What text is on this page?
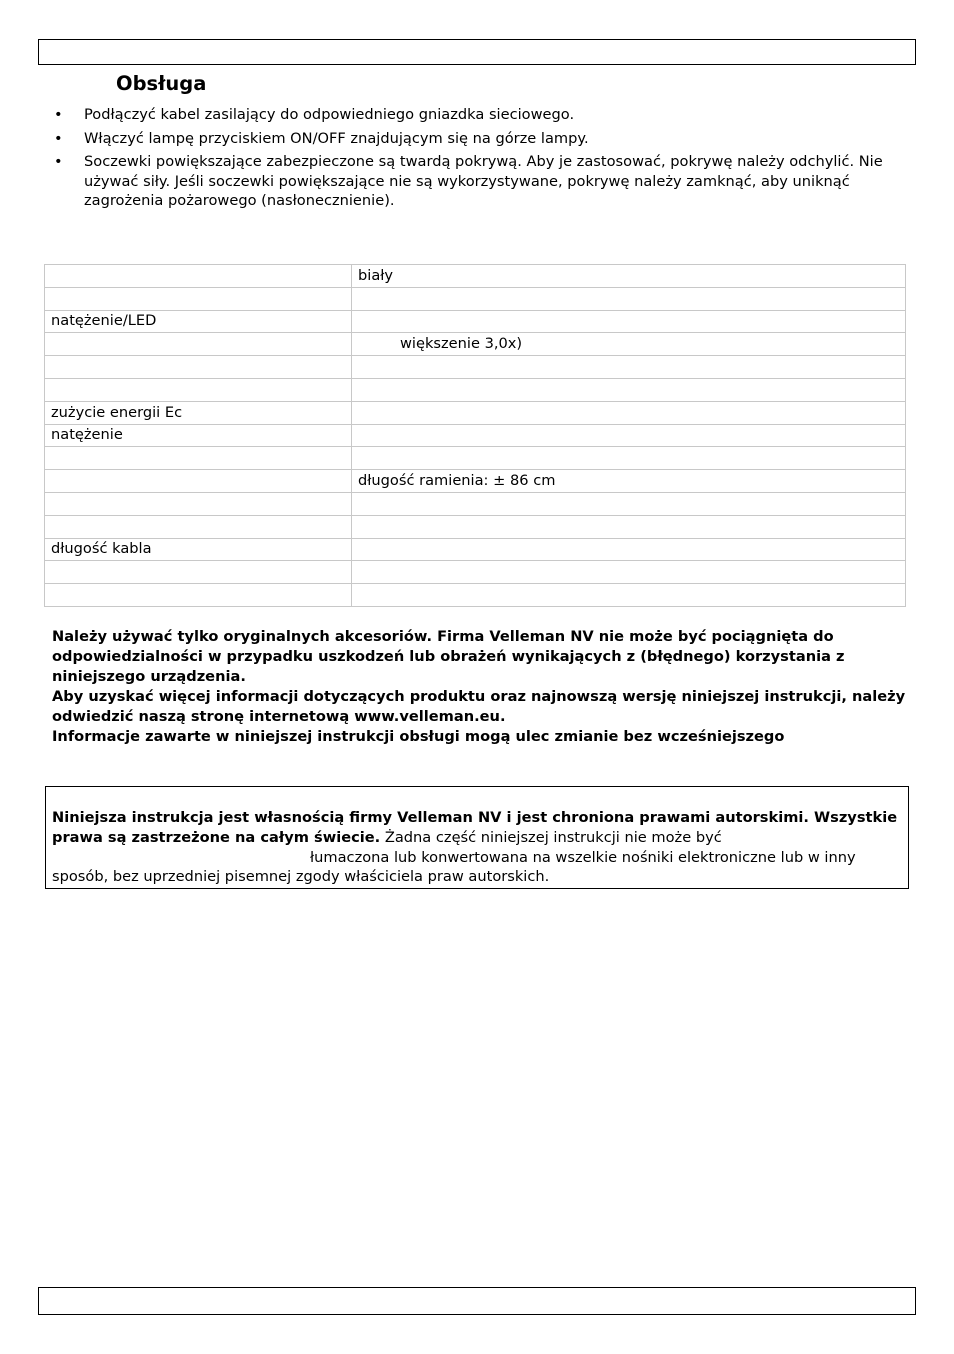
Obsługa
• Podłączyć kabel zasilający do odpowiedniego gniazdka sieciowego.
• Włączyć lampę przyciskiem ON/OFF znajdującym się na górze lampy.
• Soczewki powiększające zabezpieczone są twardą pokrywą. Aby je zastosować, pokrywę należy odchylić. Nie używać siły. Jeśli soczewki powiększające nie są wykorzystywane, pokrywę należy zamknąć, aby uniknąć zagrożenia pożarowego (nasłonecznienie).
	biały

natężenie/LED	
	większenie 3,0x)

zużycie energii Ec	
natężenie	

	długość ramienia: ± 86 cm

długość kabla	

Należy używać tylko oryginalnych akcesoriów. Firma Velleman NV nie może być pociągnięta do odpowiedzialności w przypadku uszkodzeń lub obrażeń wynikających z (błędnego) korzystania z niniejszego urządzenia.

Aby uzyskać więcej informacji dotyczących produktu oraz najnowszą wersję niniejszej instrukcji, należy odwiedzić naszą stronę internetową www.velleman.eu.

Informacje zawarte w niniejszej instrukcji obsługi mogą ulec zmianie bez wcześniejszego

Niniejsza instrukcja jest własnością firmy Velleman NV i jest chroniona prawami autorskimi. Wszystkie prawa są zastrzeżone na całym świecie. Żadna część niniejszej instrukcji nie może być łumaczona lub konwertowana na wszelkie nośniki elektroniczne lub w inny sposób, bez uprzedniej pisemnej zgody właściciela praw autorskich.
